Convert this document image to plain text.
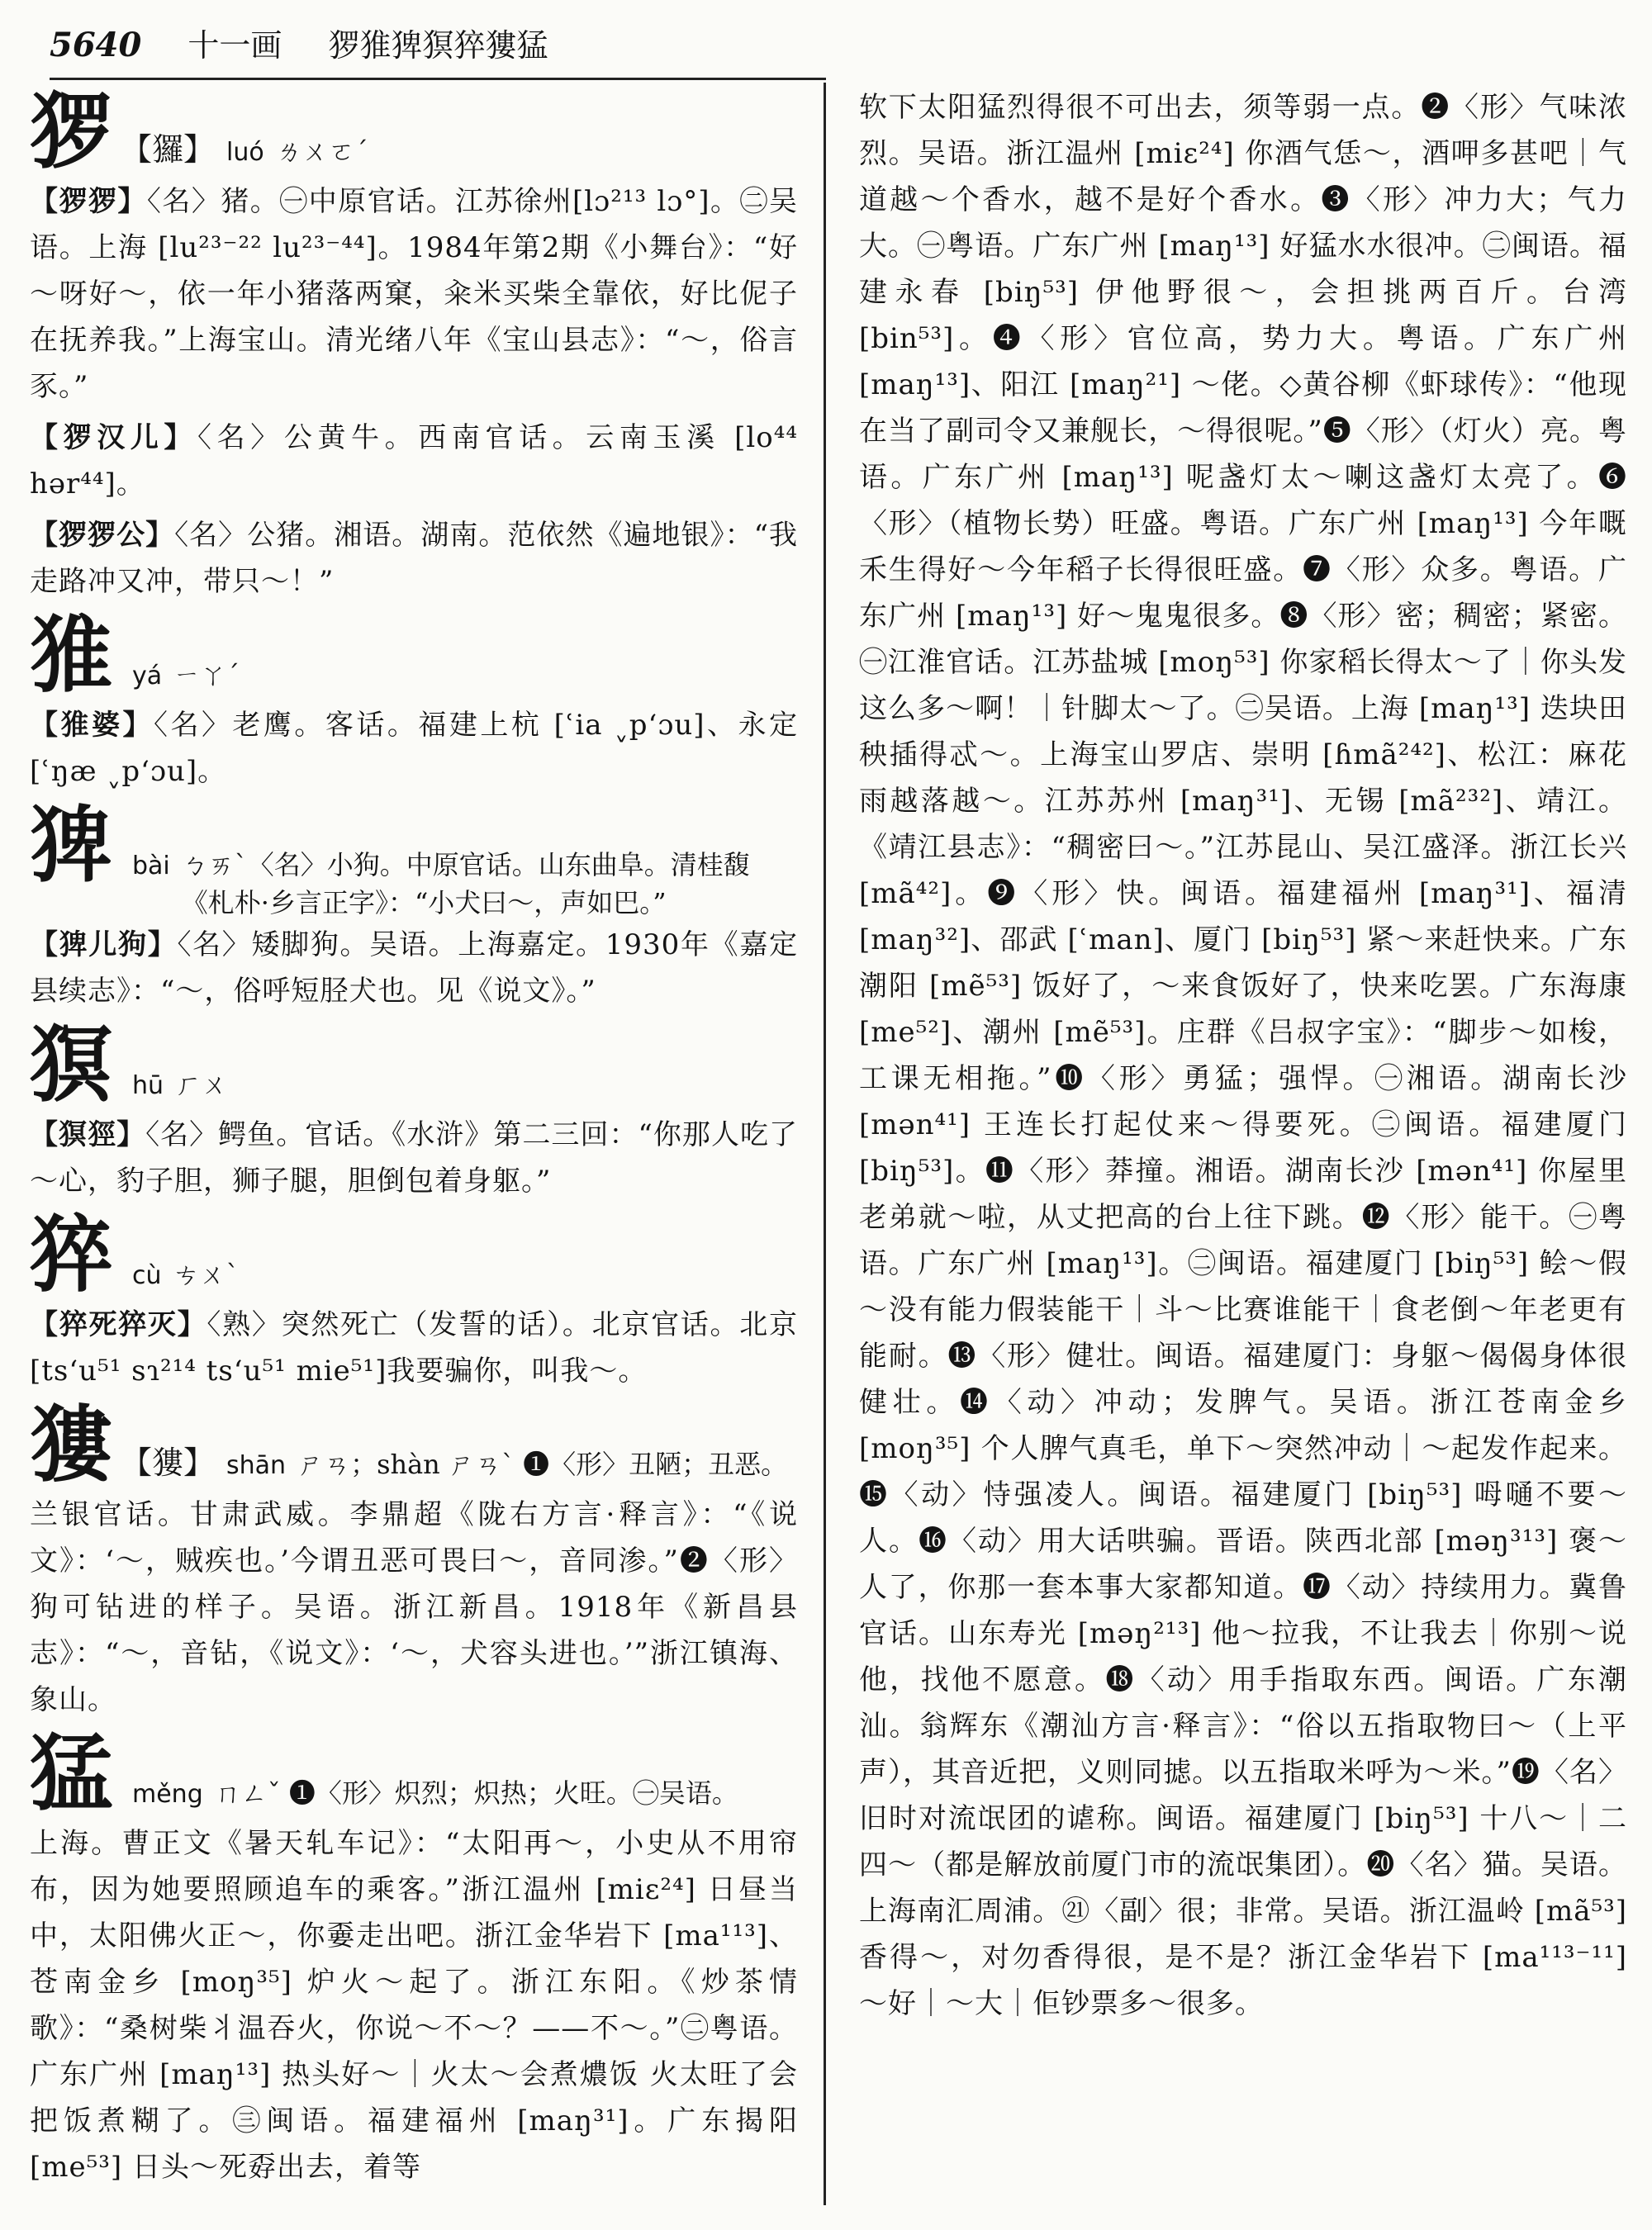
5640 十一画 猡猚猈猽猝㺏猛
猡 【玀】 luó ㄌㄨㄛˊ

【猡猡】〈名〉猪。㊀中原官话。江苏徐州[lɔ²¹³ lɔ°]。㊁吴语。上海 [lu²³⁻²² lu²³⁻⁴⁴]。1984年第2期《小舞台》：“好～呀好～，依一年小猪落两窠，籴米买柴全靠依，好比伲子在抚养我。”上海宝山。清光绪八年《宝山县志》：“～，俗言豕。”

【猡汉儿】〈名〉公黄牛。西南官话。云南玉溪 [lo⁴⁴ hər⁴⁴]。

【猡猡公】〈名〉公猪。湘语。湖南。范依然《遍地银》：“我走路冲又冲，带只～！”

猚 yá ㄧㄚˊ

【猚婆】〈名〉老鹰。客话。福建上杭 [ʿia ˬpʻɔu]、永定 [ʿŋæ ˬpʻɔu]。

猈 bài ㄅㄞˋ〈名〉小狗。中原官话。山东曲阜。清桂馥《札朴·乡言正字》：“小犬曰～，声如巴。”

【猈儿狗】〈名〉矮脚狗。吴语。上海嘉定。1930年《嘉定县续志》：“～，俗呼短胫犬也。见《说文》。”

猽 hū ㄏㄨ

【猽㹵】〈名〉鳄鱼。官话。《水浒》第二三回：“你那人吃了～心，豹子胆，狮子腿，胆倒包着身躯。”

猝 cù ㄘㄨˋ

【猝死猝灭】〈熟〉突然死亡（发誓的话）。北京官话。北京[tsʻu⁵¹ sɿ²¹⁴ tsʻu⁵¹ mie⁵¹]我要骗你，叫我～。

㺏 【㺏】 shān ㄕㄢ；shàn ㄕㄢˋ ❶〈形〉丑陋；丑恶。

兰银官话。甘肃武威。李鼎超《陇右方言·释言》：“《说文》：‘～，贼疾也。’今谓丑恶可畏曰～，音同渗。”❷〈形〉狗可钻进的样子。吴语。浙江新昌。1918年《新昌县志》：“～，音钻，《说文》：‘～，犬容头进也。’”浙江镇海、象山。

猛 měng ㄇㄥˇ ❶〈形〉炽烈；炽热；火旺。㊀吴语。

上海。曹正文《暑天轧车记》：“太阳再～，小史从不用帘布，因为她要照顾追车的乘客。”浙江温州 [miɛ²⁴] 日昼当中，太阳佛火正～，你嫑走出吧。浙江金华岩下 [ma¹¹³]、苍南金乡 [moŋ³⁵] 炉火～起了。浙江东阳。《炒茶情歌》：“桑树柴丬温吞火，你说～不～？——不～。”㊁粤语。广东广州 [maŋ¹³] 热头好～｜火太～会煮燶饭 火太旺了会把饭煮糊了。㊂闽语。福建福州 [maŋ³¹]。广东揭阳 [me⁵³] 日头～死孬出去，着等

软下太阳猛烈得很不可出去，须等弱一点。❷〈形〉气味浓烈。吴语。浙江温州 [miɛ²⁴] 你酒气恁～，酒呷多甚吧｜气道越～个香水，越不是好个香水。❸〈形〉冲力大；气力大。㊀粤语。广东广州 [maŋ¹³] 好猛水水很冲。㊁闽语。福建永春 [biŋ⁵³] 伊他野很～，会担挑两百斤。台湾 [bin⁵³]。❹〈形〉官位高，势力大。粤语。广东广州 [maŋ¹³]、阳江 [maŋ²¹] ～佬。◇黄谷柳《虾球传》：“他现在当了副司令又兼舰长，～得很呢。”❺〈形〉（灯火）亮。粤语。广东广州 [maŋ¹³] 呢盏灯太～喇这盏灯太亮了。❻〈形〉（植物长势）旺盛。粤语。广东广州 [maŋ¹³] 今年嘅禾生得好～今年稻子长得很旺盛。❼〈形〉众多。粤语。广东广州 [maŋ¹³] 好～鬼鬼很多。❽〈形〉密；稠密；紧密。㊀江淮官话。江苏盐城 [moŋ⁵³] 你家稻长得太～了｜你头发这么多～啊！｜针脚太～了。㊁吴语。上海 [maŋ¹³] 迭块田秧插得忒～。上海宝山罗店、崇明 [ɦmã²⁴²]、松江：麻花雨越落越～。江苏苏州 [maŋ³¹]、无锡 [mã²³²]、靖江。《靖江县志》：“稠密曰～。”江苏昆山、吴江盛泽。浙江长兴 [mã⁴²]。❾〈形〉快。闽语。福建福州 [maŋ³¹]、福清 [maŋ³²]、邵武 [ʿman]、厦门 [biŋ⁵³] 紧～来赶快来。广东潮阳 [mẽ⁵³] 饭好了，～来食饭好了，快来吃罢。广东海康 [me⁵²]、潮州 [mẽ⁵³]。庄群《吕叔字宝》：“脚步～如梭，工课无相拖。”❿〈形〉勇猛；强悍。㊀湘语。湖南长沙 [mən⁴¹] 王连长打起仗来～得要死。㊁闽语。福建厦门 [biŋ⁵³]。⓫〈形〉莽撞。湘语。湖南长沙 [mən⁴¹] 你屋里老弟就～啦，从丈把高的台上往下跳。⓬〈形〉能干。㊀粤语。广东广州 [maŋ¹³]。㊁闽语。福建厦门 [biŋ⁵³] 鲙～假～没有能力假装能干｜斗～比赛谁能干｜食老倒～年老更有能耐。⓭〈形〉健壮。闽语。福建厦门：身躯～偈偈身体很健壮。⓮〈动〉冲动；发脾气。吴语。浙江苍南金乡 [moŋ³⁵] 个人脾气真毛，单下～突然冲动｜～起发作起来。⓯〈动〉恃强凌人。闽语。福建厦门 [biŋ⁵³] 呣嗵不要～人。⓰〈动〉用大话哄骗。晋语。陕西北部 [məŋ³¹³] 褒～人了，你那一套本事大家都知道。⓱〈动〉持续用力。冀鲁官话。山东寿光 [məŋ²¹³] 他～拉我，不让我去｜你别～说他，找他不愿意。⓲〈动〉用手指取东西。闽语。广东潮汕。翁辉东《潮汕方言·释言》：“俗以五指取物曰～（上平声），其音近把，义则同摅。以五指取米呼为～米。”⓳〈名〉旧时对流氓团的谑称。闽语。福建厦门 [biŋ⁵³] 十八～｜二四～（都是解放前厦门市的流氓集团）。⓴〈名〉猫。吴语。上海南汇周浦。㉑〈副〉很；非常。吴语。浙江温岭 [mã⁵³] 香得～，对勿香得很，是不是？浙江金华岩下 [ma¹¹³⁻¹¹] ～好｜～大｜佢钞票多～很多。
